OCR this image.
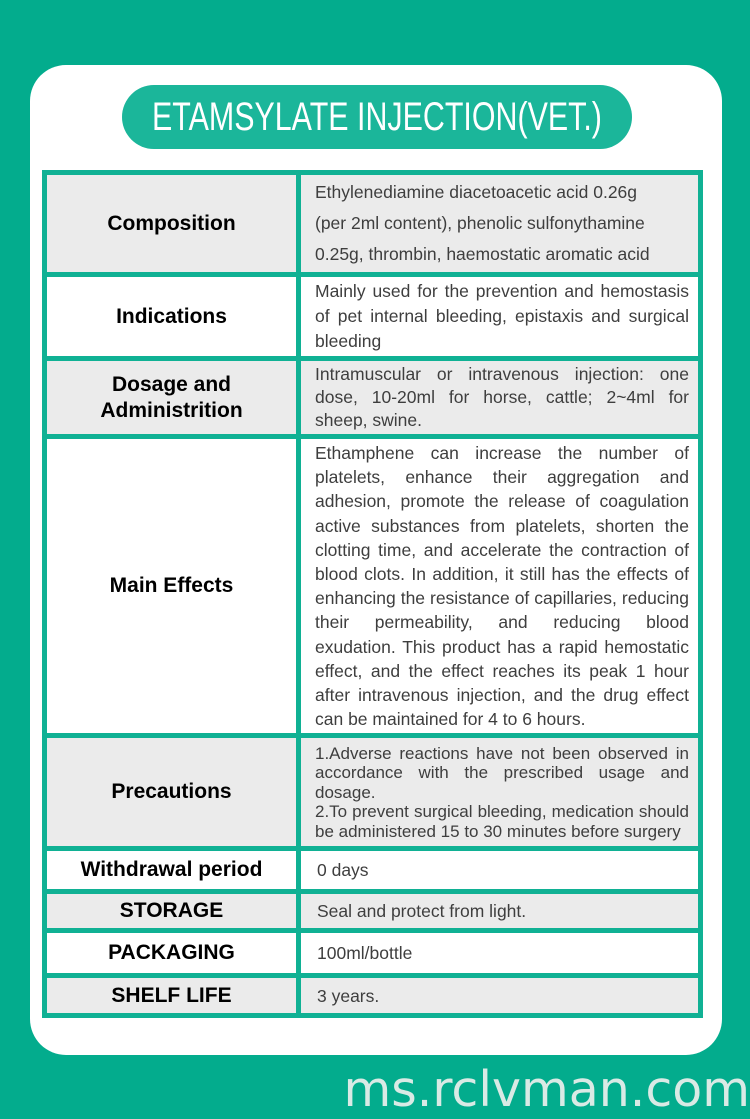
ETAMSYLATE INJECTION(VET.)
Composition	Ethylenediamine diacetoacetic acid 0.26g

(per 2ml content), phenolic sulfonythamine

0.25g, thrombin, haemostatic aromatic acid

Indications	Mainly used for the prevention and hemostasis of pet internal bleeding, epistaxis and surgical bleeding
Dosage and Administrition	Intramuscular or intravenous injection: one dose, 10-20ml for horse, cattle; 2~4ml for sheep, swine.
Main Effects	Ethamphene can increase the number of platelets, enhance their aggregation and adhesion, promote the release of coagulation active substances from platelets, shorten the clotting time, and accelerate the contraction of blood clots. In addition, it still has the effects of enhancing the resistance of capillaries, reducing their permeability, and reducing blood exudation. This product has a rapid hemostatic effect, and the effect reaches its peak 1 hour after intravenous injection, and the drug effect can be maintained for 4 to 6 hours.
Precautions	1.Adverse reactions have not been observed in accordance with the prescribed usage and dosage.

2.To prevent surgical bleeding, medication should be administered 15 to 30 minutes before surgery

Withdrawal period	0 days
STORAGE	Seal and protect from light.
PACKAGING	100ml/bottle
SHELF LIFE	3 years.
ms.rclvman.com
